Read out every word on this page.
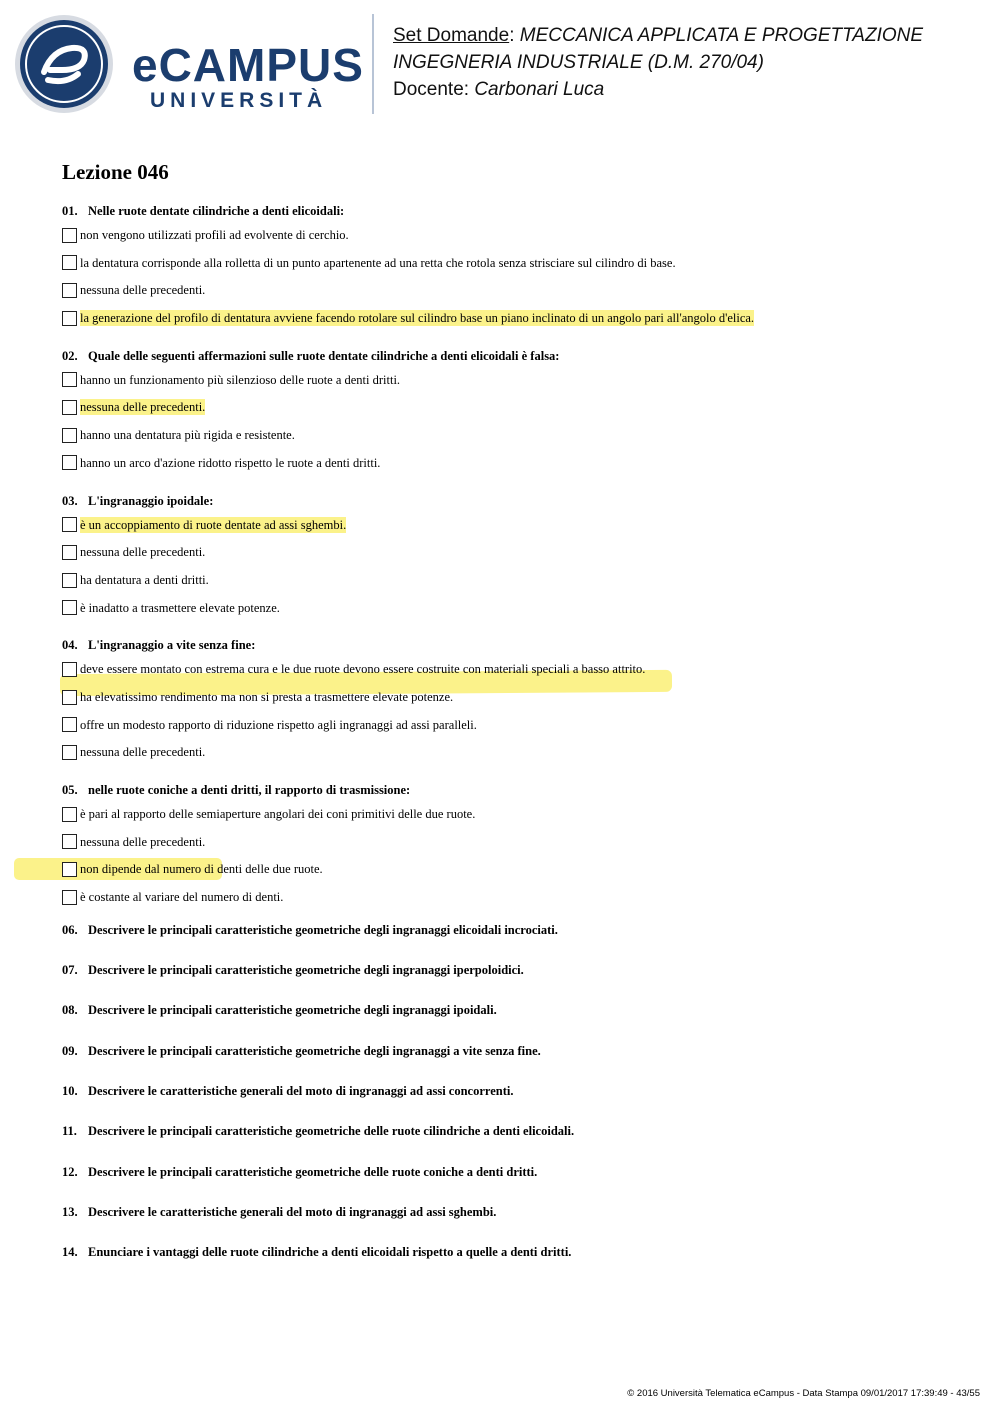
eCAMPUS
UNIVERSITÀ
Set Domande: MECCANICA APPLICATA E PROGETTAZIONE
INGEGNERIA INDUSTRIALE (D.M. 270/04)
Docente: Carbonari Luca
Lezione 046
01. Nelle ruote dentate cilindriche a denti elicoidali:
non vengono utilizzati profili ad evolvente di cerchio.
la dentatura corrisponde alla rolletta di un punto apartenente ad una retta che rotola senza strisciare sul cilindro di base.
nessuna delle precedenti.
la generazione del profilo di dentatura avviene facendo rotolare sul cilindro base un piano inclinato di un angolo pari all'angolo d'elica.
02. Quale delle seguenti affermazioni sulle ruote dentate cilindriche a denti elicoidali è falsa:
hanno un funzionamento più silenzioso delle ruote a denti dritti.
nessuna delle precedenti.
hanno una dentatura più rigida e resistente.
hanno un arco d'azione ridotto rispetto le ruote a denti dritti.
03. L'ingranaggio ipoidale:
è un accoppiamento di ruote dentate ad assi sghembi.
nessuna delle precedenti.
ha dentatura a denti dritti.
è inadatto a trasmettere elevate potenze.
04. L'ingranaggio a vite senza fine:
deve essere montato con estrema cura e le due ruote devono essere costruite con materiali speciali a basso attrito.
ha elevatissimo rendimento ma non si presta a trasmettere elevate potenze.
offre un modesto rapporto di riduzione rispetto agli ingranaggi ad assi paralleli.
nessuna delle precedenti.
05. nelle ruote coniche a denti dritti, il rapporto di trasmissione:
è pari al rapporto delle semiaperture angolari dei coni primitivi delle due ruote.
nessuna delle precedenti.
non dipende dal numero di denti delle due ruote.
è costante al variare del numero di denti.
06. Descrivere le principali caratteristiche geometriche degli ingranaggi elicoidali incrociati.
07. Descrivere le principali caratteristiche geometriche degli ingranaggi iperpoloidici.
08. Descrivere le principali caratteristiche geometriche degli ingranaggi ipoidali.
09. Descrivere le principali caratteristiche geometriche degli ingranaggi a vite senza fine.
10. Descrivere le caratteristiche generali del moto di ingranaggi ad assi concorrenti.
11. Descrivere le principali caratteristiche geometriche delle ruote cilindriche a denti elicoidali.
12. Descrivere le principali caratteristiche geometriche delle ruote coniche a denti dritti.
13. Descrivere le caratteristiche generali del moto di ingranaggi ad assi sghembi.
14. Enunciare i vantaggi delle ruote cilindriche a denti elicoidali rispetto a quelle a denti dritti.
© 2016 Università Telematica eCampus - Data Stampa 09/01/2017 17:39:49 - 43/55
